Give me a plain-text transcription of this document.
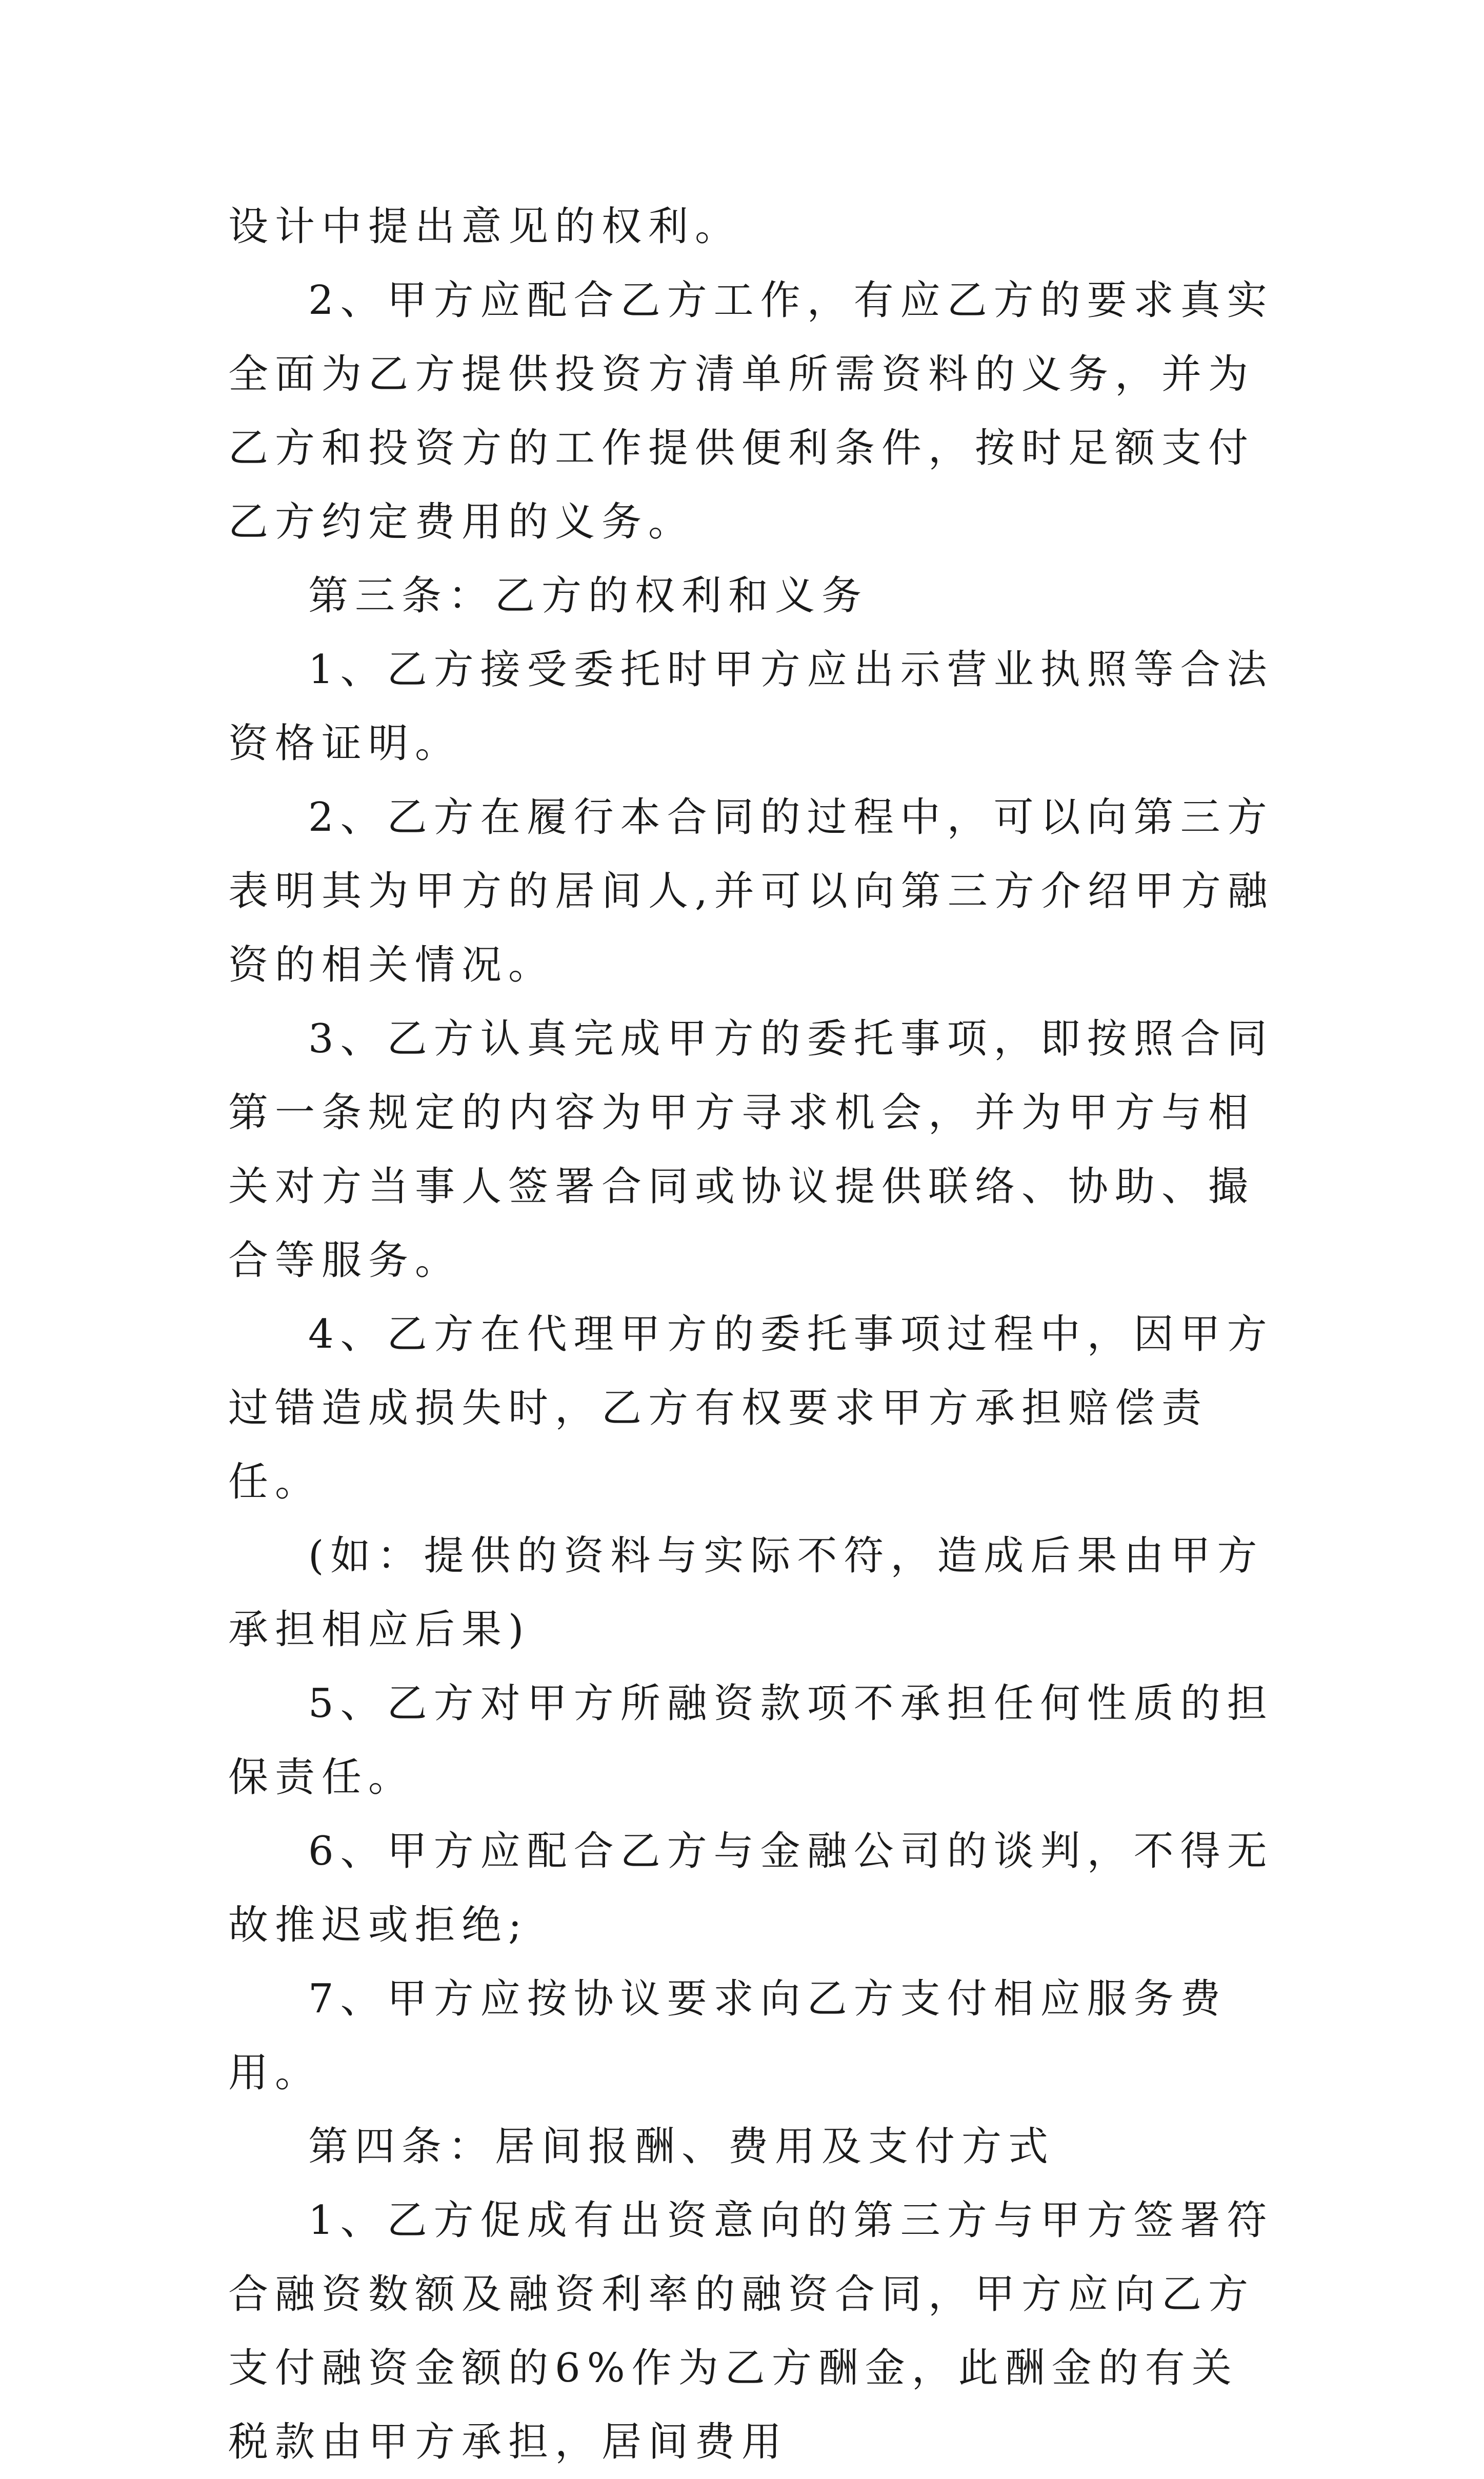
设计中提出意见的权利。

2、甲方应配合乙方工作，有应乙方的要求真实全面为乙方提供投资方清单所需资料的义务，并为乙方和投资方的工作提供便利条件，按时足额支付乙方约定费用的义务。

第三条：乙方的权利和义务

1、乙方接受委托时甲方应出示营业执照等合法资格证明。

2、乙方在履行本合同的过程中，可以向第三方表明其为甲方的居间人,并可以向第三方介绍甲方融资的相关情况。

3、乙方认真完成甲方的委托事项，即按照合同第一条规定的内容为甲方寻求机会，并为甲方与相关对方当事人签署合同或协议提供联络、协助、撮合等服务。

4、乙方在代理甲方的委托事项过程中，因甲方过错造成损失时，乙方有权要求甲方承担赔偿责任。

(如：提供的资料与实际不符，造成后果由甲方承担相应后果)

5、乙方对甲方所融资款项不承担任何性质的担保责任。

6、甲方应配合乙方与金融公司的谈判，不得无故推迟或拒绝;

7、甲方应按协议要求向乙方支付相应服务费用。

第四条：居间报酬、费用及支付方式

1、乙方促成有出资意向的第三方与甲方签署符合融资数额及融资利率的融资合同，甲方应向乙方支付融资金额的6%作为乙方酬金，此酬金的有关税款由甲方承担，居间费用
